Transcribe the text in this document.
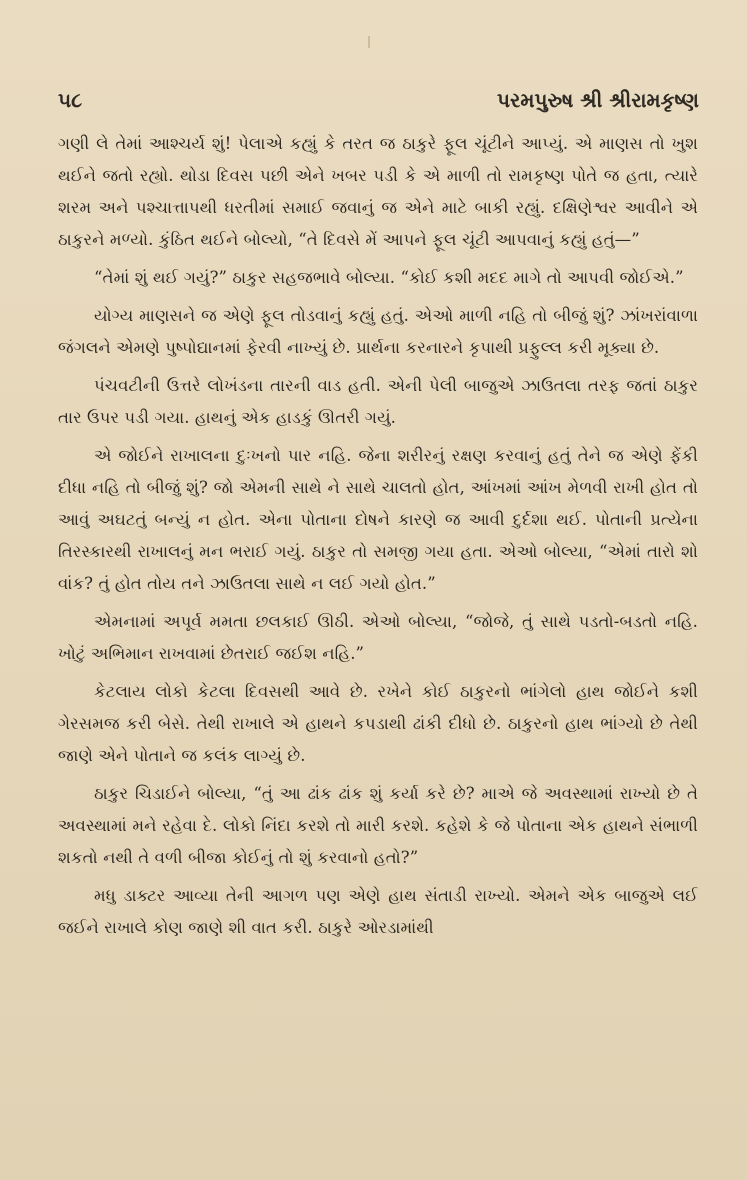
૫૮	પરમપુરુષ શ્રી શ્રીરામકૃષ્ણ

ગણી લે તેમાં આશ્ચર્ય શું! પેલાએ કહ્યું કે તરત જ ઠાકુરે ફૂલ ચૂંટીને આપ્યું. એ માણસ તો ખુશ થઈને જતો રહ્યો. થોડા દિવસ પછી એને ખબર પડી કે એ માળી તો રામકૃષ્ણ પોતે જ હતા, ત્યારે શરમ અને પશ્ચાત્તાપથી ધરતીમાં સમાઈ જવાનું જ એને માટે બાકી રહ્યું. દક્ષિણેશ્વર આવીને એ ઠાકુરને મળ્યો. કુંઠિત થઈને બોલ્યો, “તે દિવસે મેં આપને ફૂલ ચૂંટી આપવાનું કહ્યું હતું—”

“તેમાં શું થઈ ગયું?” ઠાકુર સહજભાવે બોલ્યા. “કોઈ કશી મદદ માગે તો આપવી જોઈએ.”

યોગ્ય માણસને જ એણે ફૂલ તોડવાનું કહ્યું હતું. એઓ માળી નહિ તો બીજું શું? ઝાંખરાંવાળા જંગલને એમણે પુષ્પોદ્યાનમાં ફેરવી નાખ્યું છે. પ્રાર્થના કરનારને કૃપાથી પ્રફુલ્લ કરી મૂક્યા છે.

પંચવટીની ઉત્તરે લોખંડના તારની વાડ હતી. એની પેલી બાજુએ ઝાઉતલા તરફ જતાં ઠાકુર તાર ઉપર પડી ગયા. હાથનું એક હાડકું ઊતરી ગયું.

એ જોઈને રાખાલના દુઃખનો પાર નહિ. જેના શરીરનું રક્ષણ કરવાનું હતું તેને જ એણે ફેંકી દીધા નહિ તો બીજું શું? જો એમની સાથે ને સાથે ચાલતો હોત, આંખમાં આંખ મેળવી રાખી હોત તો આવું અઘટતું બન્યું ન હોત. એના પોતાના દોષને કારણે જ આવી દુર્દશા થઈ. પોતાની પ્રત્યેના તિરસ્કારથી રાખાલનું મન ભરાઈ ગયું. ઠાકુર તો સમજી ગયા હતા. એઓ બોલ્યા, “એમાં તારો શો વાંક? તું હોત તોય તને ઝાઉતલા સાથે ન લઈ ગયો હોત.”

એમનામાં અપૂર્વ મમતા છલકાઈ ઊઠી. એઓ બોલ્યા, “જોજે, તું સાથે પડતો-બડતો નહિ. ખોટું અભિમાન રાખવામાં છેતરાઈ જઈશ નહિ.”

કેટલાય લોકો કેટલા દિવસથી આવે છે. રખેને કોઈ ઠાકુરનો ભાંગેલો હાથ જોઈને કશી ગેરસમજ કરી બેસે. તેથી રાખાલે એ હાથને કપડાથી ઢાંકી દીધો છે. ઠાકુરનો હાથ ભાંગ્યો છે તેથી જાણે એને પોતાને જ કલંક લાગ્યું છે.

ઠાકુર ચિડાઈને બોલ્યા, “તું આ ઢાંક ઢાંક શું કર્યા કરે છે? માએ જે અવસ્થામાં રાખ્યો છે તે અવસ્થામાં મને રહેવા દે. લોકો નિંદા કરશે તો મારી કરશે. કહેશે કે જે પોતાના એક હાથને સંભાળી શકતો નથી તે વળી બીજા કોઈનું તો શું કરવાનો હતો?”

મધુ ડાક્ટર આવ્યા તેની આગળ પણ એણે હાથ સંતાડી રાખ્યો. એમને એક બાજુએ લઈ જઈને રાખાલે કોણ જાણે શી વાત કરી. ઠાકુરે ઓરડામાંથી
